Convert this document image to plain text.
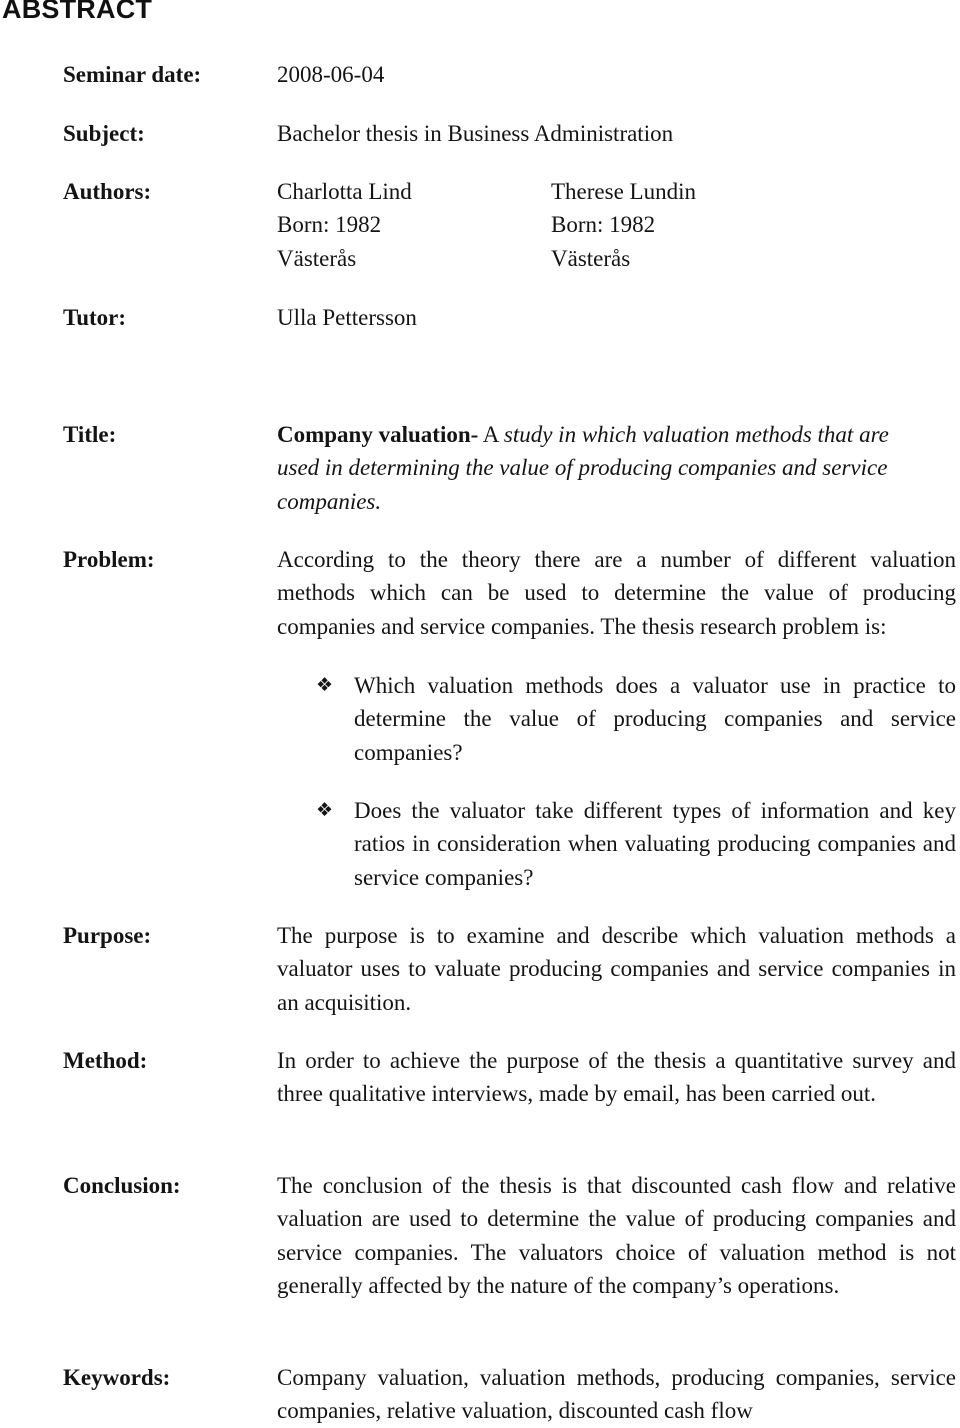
ABSTRACT
Seminar date:	2008-06-04
Subject:	Bachelor thesis in Business Administration
Authors:	Charlotta Lind
Born: 1982
Västerås
Therese Lundin
Born: 1982
Västerås
Tutor:	Ulla Pettersson
Title:	Company valuation- A study in which valuation methods that are
used in determining the value of producing companies and service
companies.
Problem:	According to the theory there are a number of different valuation methods which can be used to determine the value of producing companies and service companies. The thesis research problem is:
❖ Which valuation methods does a valuator use in practice to determine the value of producing companies and service companies?
❖ Does the valuator take different types of information and key ratios in consideration when valuating producing companies and service companies?
Purpose:	The purpose is to examine and describe which valuation methods a valuator uses to valuate producing companies and service companies in an acquisition.
Method:	In order to achieve the purpose of the thesis a quantitative survey and three qualitative interviews, made by email, has been carried out.
Conclusion:	The conclusion of the thesis is that discounted cash flow and relative valuation are used to determine the value of producing companies and service companies. The valuators choice of valuation method is not generally affected by the nature of the company’s operations.
Keywords:	Company valuation, valuation methods, producing companies, service companies, relative valuation, discounted cash flow
